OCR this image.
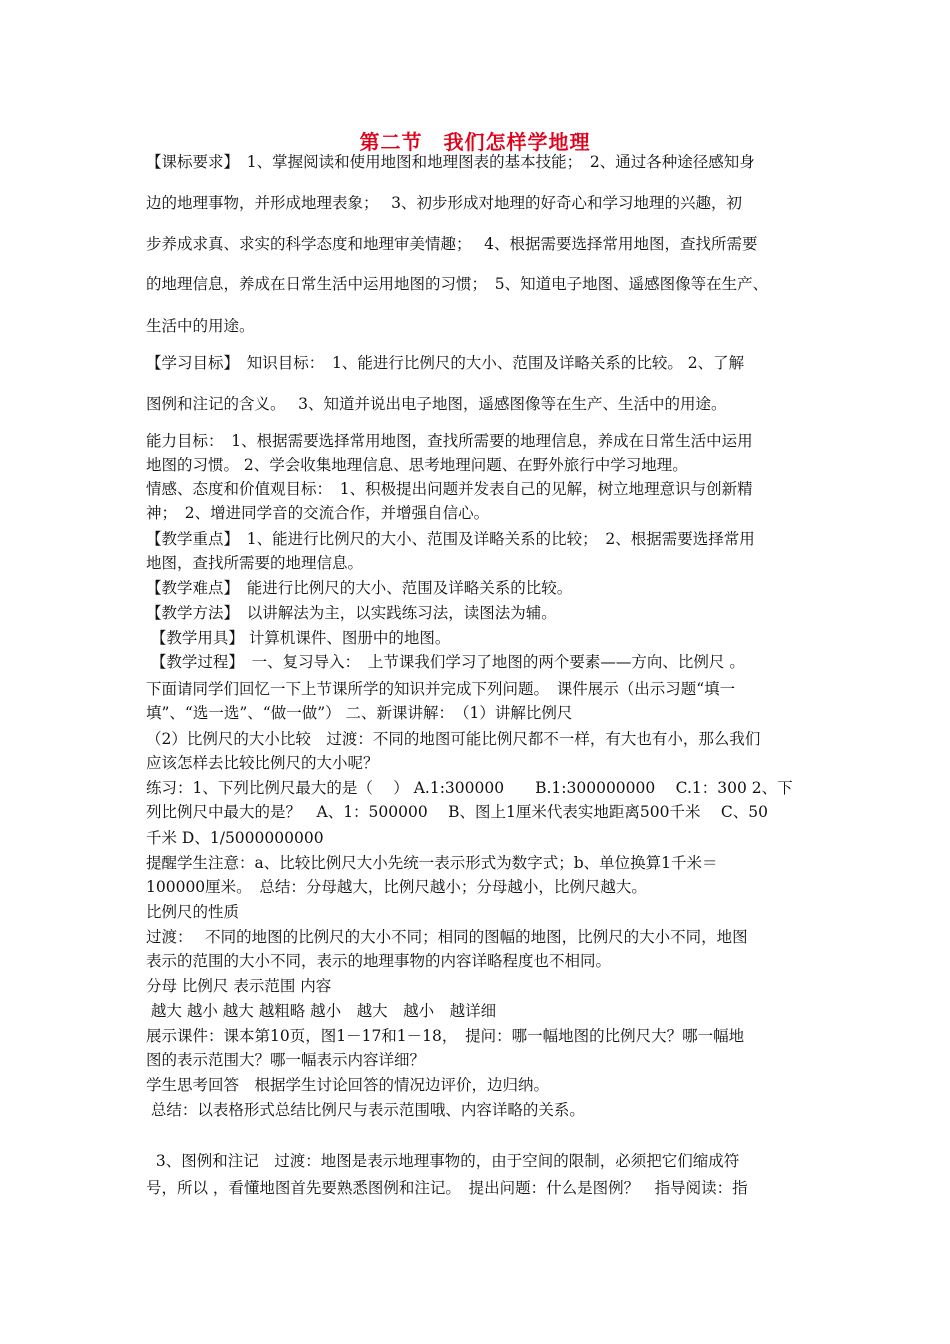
第二节　我们怎样学地理
【课标要求】　1、掌握阅读和使用地图和地理图表的基本技能；　2、通过各种途径感知身
边的地理事物，并形成地理表象；　 3、初步形成对地理的好奇心和学习地理的兴趣，初
步养成求真、求实的科学态度和地理审美情趣；　 4、根据需要选择常用地图，查找所需要
的地理信息，养成在日常生活中运用地图的习惯；　5、知道电子地图、遥感图像等在生产、
生活中的用途。
【学习目标】　知识目标：　1、能进行比例尺的大小、范围及详略关系的比较。 2、了解
图例和注记的含义。　 3、知道并说出电子地图，遥感图像等在生产、生活中的用途。
能力目标：　1、根据需要选择常用地图，查找所需要的地理信息，养成在日常生活中运用
地图的习惯。 2、学会收集地理信息、思考地理问题、在野外旅行中学习地理。
情感、态度和价值观目标：　1、积极提出问题并发表自己的见解，树立地理意识与创新精
神；　2、增进同学音的交流合作，并增强自信心。
【教学重点】　1、能进行比例尺的大小、范围及详略关系的比较；　2、根据需要选择常用
地图，查找所需要的地理信息。
【教学难点】　能进行比例尺的大小、范围及详略关系的比较。
【教学方法】　以讲解法为主，以实践练习法，读图法为辅。
【教学用具】 计算机课件、图册中的地图。
【教学过程】　一、复习导入：　上节课我们学习了地图的两个要素——方向、比例尺 。
下面请同学们回忆一下上节课所学的知识并完成下列问题。　课件展示（出示习题“填一
填”、“选一选”、“做一做”） 二、新课讲解：　（1）讲解比例尺
（2）比例尺的大小比较　过渡：不同的地图可能比例尺都不一样，有大也有小，那么我们
应该怎样去比较比例尺的大小呢？
练习：1、下列比例尺最大的是（　 ） A.1:300000　　B.1:300000000　 C.1：300 2、下
列比例尺中最大的是？　A、1：500000　 B、图上1厘米代表实地距离500千米　 C、50
千米 D、1/5000000000
提醒学生注意：a、比较比例尺大小先统一表示形式为数字式；b、单位换算1千米＝
100000厘米。　总结：分母越大，比例尺越小；分母越小，比例尺越大。
比例尺的性质
过渡：　 不同的地图的比例尺的大小不同；相同的图幅的地图，比例尺的大小不同，地图
表示的范围的大小不同，表示的地理事物的内容详略程度也不相同。
分母 比例尺 表示范围 内容
越大 越小 越大 越粗略 越小　越大　越小　越详细
展示课件：课本第10页，图1－17和1－18，　提问：哪一幅地图的比例尺大？哪一幅地
图的表示范围大？哪一幅表示内容详细？
学生思考回答　根据学生讨论回答的情况边评价，边归纳。
总结：以表格形式总结比例尺与表示范围哦、内容详略的关系。
3、图例和注记　过渡：地图是表示地理事物的，由于空间的限制，必须把它们缩成符
号，所以 ，看懂地图首先要熟悉图例和注记。　提出问题：什么是图例？　指导阅读：指
